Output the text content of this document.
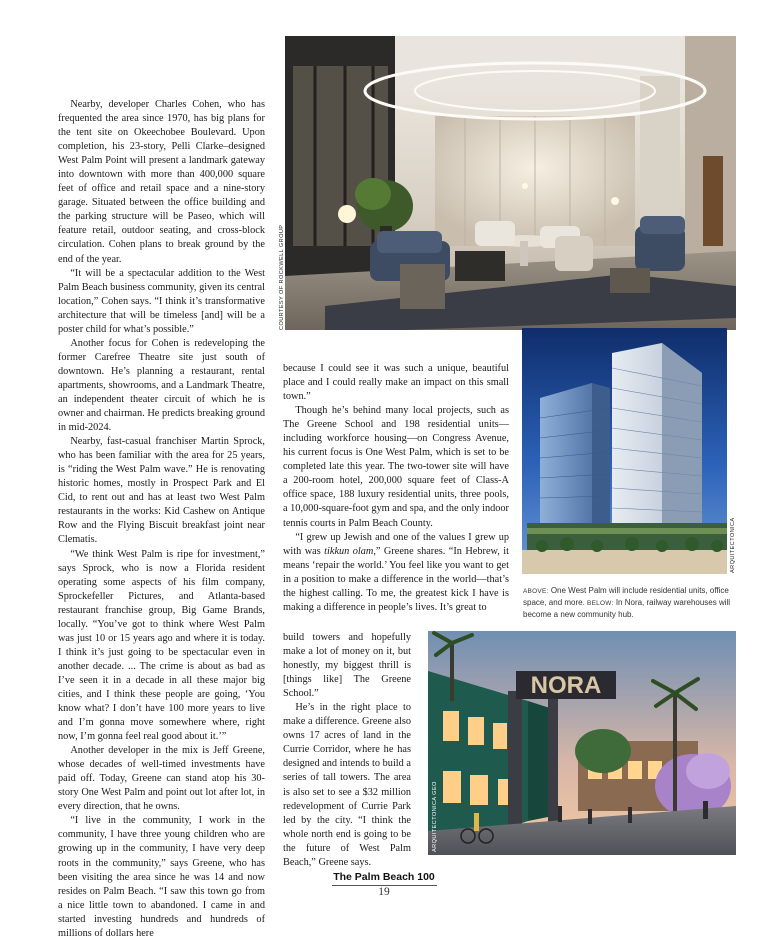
Nearby, developer Charles Cohen, who has frequented the area since 1970, has big plans for the tent site on Okeechobee Boulevard. Upon completion, his 23-story, Pelli Clarke–designed West Palm Point will present a landmark gateway into downtown with more than 400,000 square feet of office and retail space and a nine-story garage. Situated between the office building and the parking structure will be Paseo, which will feature retail, outdoor seating, and cross-block circulation. Cohen plans to break ground by the end of the year.

“It will be a spectacular addition to the West Palm Beach business community, given its central location,” Cohen says. “I think it’s transformative architecture that will be timeless [and] will be a poster child for what’s possible.”

Another focus for Cohen is redeveloping the former Carefree Theatre site just south of downtown. He’s planning a restaurant, rental apartments, showrooms, and a Landmark Theatre, an independent theater circuit of which he is owner and chairman. He predicts breaking ground in mid-2024.

Nearby, fast-casual franchiser Martin Sprock, who has been familiar with the area for 25 years, is “riding the West Palm wave.” He is renovating historic homes, mostly in Prospect Park and El Cid, to rent out and has at least two West Palm restaurants in the works: Kid Cashew on Antique Row and the Flying Biscuit breakfast joint near Clematis.

“We think West Palm is ripe for investment,” says Sprock, who is now a Florida resident operating some aspects of his film company, Sprockefeller Pictures, and Atlanta-based restaurant franchise group, Big Game Brands, locally. “You’ve got to think where West Palm was just 10 or 15 years ago and where it is today. I think it’s just going to be spectacular even in another decade. ... The crime is about as bad as I’ve seen it in a decade in all these major big cities, and I think these people are going, ‘You know what? I don’t have 100 more years to live and I’m gonna move somewhere where, right now, I’m gonna feel real good about it.’”

Another developer in the mix is Jeff Greene, whose decades of well-timed investments have paid off. Today, Greene can stand atop his 30-story One West Palm and point out lot after lot, in every direction, that he owns.

“I live in the community, I work in the community, I have three young children who are growing up in the community, I have very deep roots in the community,” says Greene, who has been visiting the area since he was 14 and now resides on Palm Beach. “I saw this town go from a nice little town to abandoned. I came in and started investing hundreds and hundreds of millions of dollars here

because I could see it was such a unique, beautiful place and I could really make an impact on this small town.”

Though he’s behind many local projects, such as The Greene School and 198 residential units—including workforce housing—on Congress Avenue, his current focus is One West Palm, which is set to be completed late this year. The two-tower site will have a 200-room hotel, 200,000 square feet of Class-A office space, 188 luxury residential units, three pools, a 10,000-square-foot gym and spa, and the only indoor tennis courts in Palm Beach County.

“I grew up Jewish and one of the values I grew up with was tikkun olam,” Greene shares. “In Hebrew, it means ‘repair the world.’ You feel like you want to get in a position to make a difference in the world—that’s the highest calling. To me, the greatest kick I have is making a difference in people’s lives. It’s great to

build towers and hopefully make a lot of money on it, but honestly, my biggest thrill is [things like] The Greene School.”

He’s in the right place to make a difference. Greene also owns 17 acres of land in the Currie Corridor, where he has designed and intends to build a series of tall towers. The area is also set to see a $32 million redevelopment of Currie Park led by the city. “I think the whole north end is going to be the future of West Palm Beach,” Greene says.

COURTESY OF ROCKWELL GROUP
ARQUITECTONICA
ABOVE: One West Palm will include residential units, office space, and more. BELOW: In Nora, railway warehouses will become a new community hub.
NORA
ARQUITECTONICA GEO
The Palm Beach 100
19
